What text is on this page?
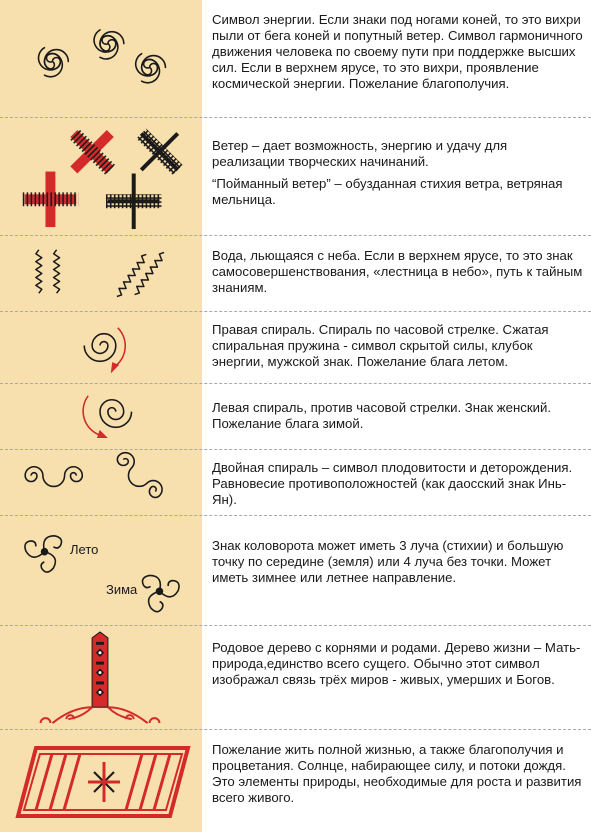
Символ энергии. Если знаки под ногами коней, то это вихри пыли от бега коней и попутный ветер. Символ гармоничного движения человека по своему пути при поддержке высших сил. Если в верхнем ярусе, то это вихри, проявление космической энергии. Пожелание благополучия.

Ветер – дает возможность, энергию и удачу для реализации творческих начинаний.

“Пойманный ветер” – обузданная стихия ветра, ветряная мельница.

Вода, льющаяся с неба. Если в верхнем ярусе, то это знак самосовершенствования, «лестница в небо», путь к тайным знаниям.

Правая спираль. Спираль по часовой стрелке. Сжатая спиральная пружина - символ скрытой силы, клубок энергии, мужской знак. Пожелание блага летом.

Левая спираль, против часовой стрелки. Знак женский. Пожелание блага зимой.

Двойная спираль – символ плодовитости и деторождения. Равновесие противоположностей (как даосский знак Инь-Ян).

Лето
Зима

Знак коловорота может иметь 3 луча (стихии) и большую точку по середине (земля) или 4 луча без точки. Может иметь зимнее или летнее направление.

Родовое дерево с корнями и родами. Дерево жизни – Мать-природа,единство всего сущего. Обычно этот символ изображал связь трёх миров - живых, умерших и Богов.

Пожелание жить полной жизнью, а также благополучия и процветания. Солнце, набирающее силу, и потоки дождя. Это элементы природы, необходимые для роста и развития всего живого.
